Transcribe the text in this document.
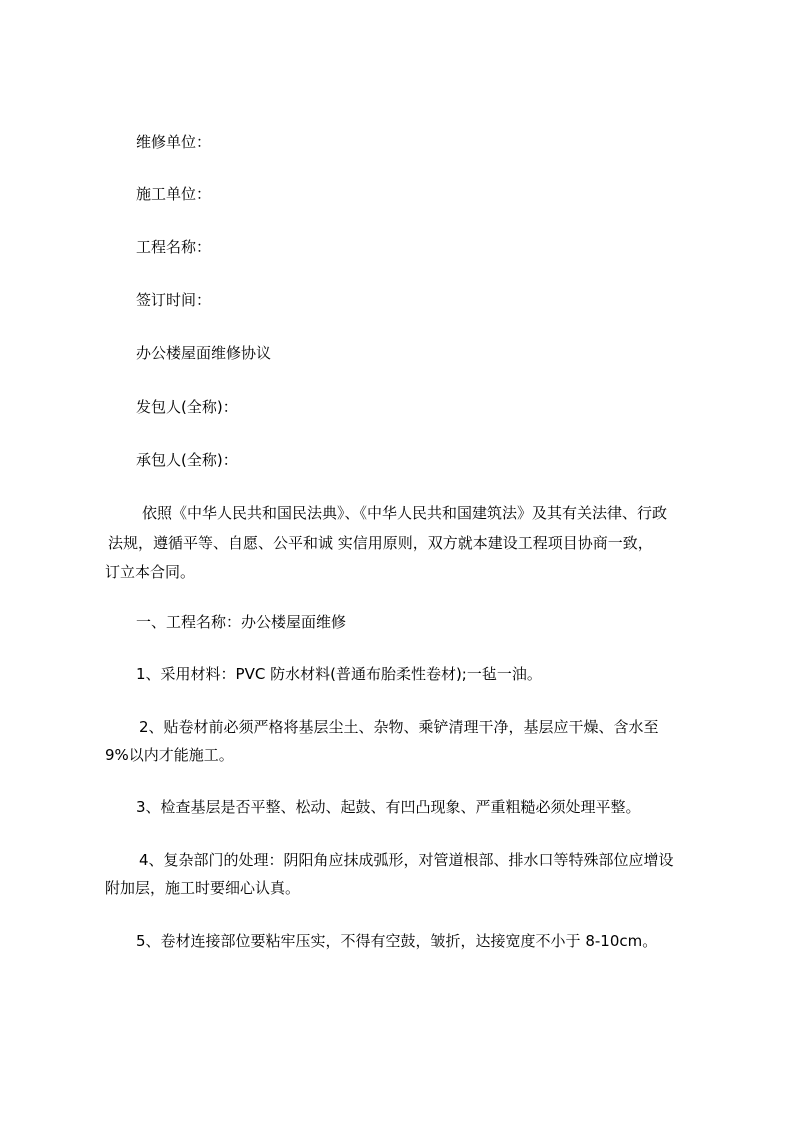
维修单位：
施工单位：
工程名称：
签订时间：
办公楼屋面维修协议
发包人(全称)：
承包人(全称)：
依照《中华人民共和国民法典》、《中华人民共和国建筑法》及其有关法律、行政
法规，遵循平等、自愿、公平和诚 实信用原则，双方就本建设工程项目协商一致，
订立本合同。
一、工程名称：办公楼屋面维修
1、采用材料：PVC 防水材料(普通布胎柔性卷材);一毡一油。
2、贴卷材前必须严格将基层尘土、杂物、乘铲清理干净，基层应干燥、含水至
9%以内才能施工。
3、检查基层是否平整、松动、起鼓、有凹凸现象、严重粗糙必须处理平整。
4、复杂部门的处理：阴阳角应抹成弧形，对管道根部、排水口等特殊部位应增设
附加层，施工时要细心认真。
5、卷材连接部位要粘牢压实，不得有空鼓，皱折，达接宽度不小于 8-10cm。
